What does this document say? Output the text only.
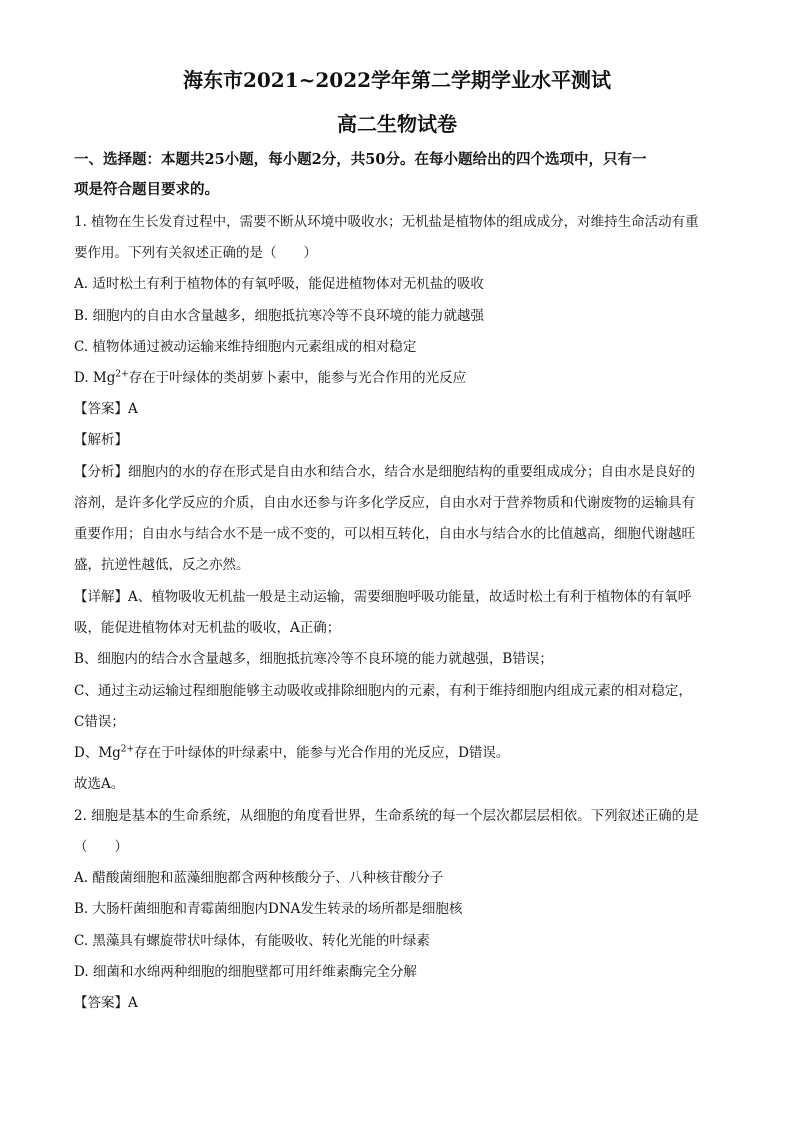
海东市2021~2022学年第二学期学业水平测试
高二生物试卷
一、选择题：本题共25小题，每小题2分，共50分。在每小题给出的四个选项中，只有一
项是符合题目要求的。
1. 植物在生长发育过程中，需要不断从环境中吸收水；无机盐是植物体的组成成分，对维持生命活动有重
要作用。下列有关叙述正确的是（　　）
A. 适时松土有利于植物体的有氧呼吸，能促进植物体对无机盐的吸收
B. 细胞内的自由水含量越多，细胞抵抗寒冷等不良环境的能力就越强
C. 植物体通过被动运输来维持细胞内元素组成的相对稳定
D. $Mg^{2+}$存在于叶绿体的类胡萝卜素中，能参与光合作用的光反应
【答案】A
【解析】
【分析】细胞内的水的存在形式是自由水和结合水，结合水是细胞结构的重要组成成分；自由水是良好的
溶剂，是许多化学反应的介质，自由水还参与许多化学反应，自由水对于营养物质和代谢废物的运输具有
重要作用；自由水与结合水不是一成不变的，可以相互转化，自由水与结合水的比值越高，细胞代谢越旺
盛，抗逆性越低，反之亦然。
【详解】A、植物吸收无机盐一般是主动运输，需要细胞呼吸功能量，故适时松土有利于植物体的有氧呼
吸，能促进植物体对无机盐的吸收，A正确；
B、细胞内的结合水含量越多，细胞抵抗寒冷等不良环境的能力就越强，B错误；
C、通过主动运输过程细胞能够主动吸收或排除细胞内的元素，有利于维持细胞内组成元素的相对稳定，
C错误；
D、$Mg^{2+}$存在于叶绿体的叶绿素中，能参与光合作用的光反应，D错误。
故选A。
2. 细胞是基本的生命系统，从细胞的角度看世界，生命系统的每一个层次都层层相依。下列叙述正确的是
（　　）
A. 醋酸菌细胞和蓝藻细胞都含两种核酸分子、八种核苷酸分子
B. 大肠杆菌细胞和青霉菌细胞内DNA发生转录的场所都是细胞核
C. 黑藻具有螺旋带状叶绿体，有能吸收、转化光能的叶绿素
D. 细菌和水绵两种细胞的细胞壁都可用纤维素酶完全分解
【答案】A
